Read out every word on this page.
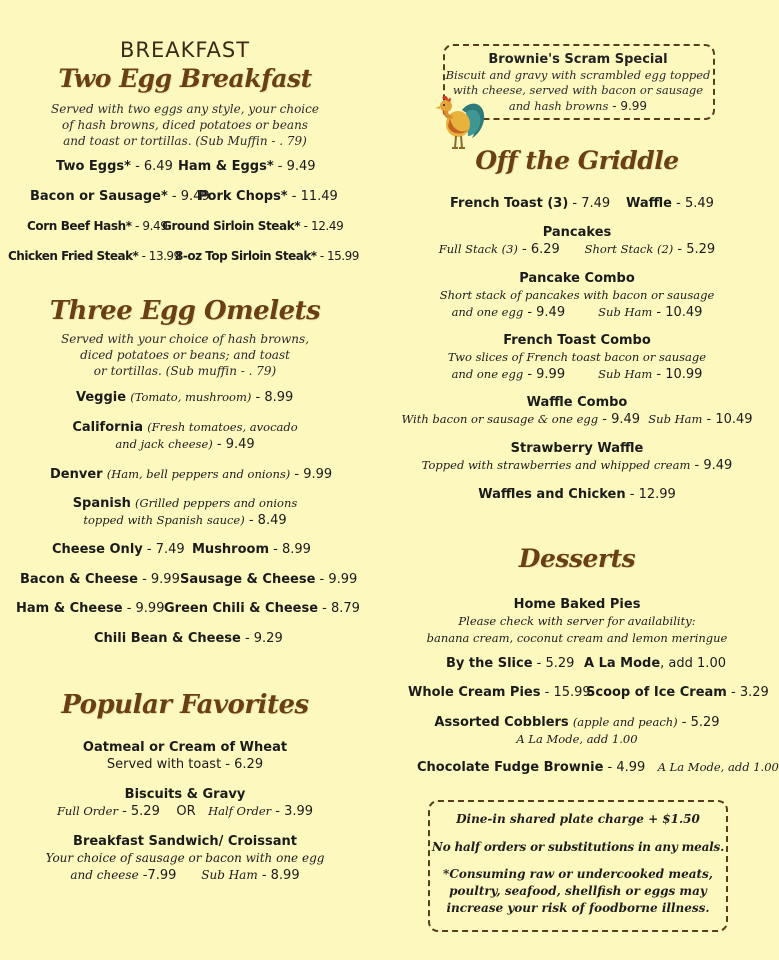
BREAKFAST
Two Egg Breakfast
Served with two eggs any style, your choice
of hash browns, diced potatoes or beans
and toast or tortillas. (Sub Muffin - . 79)
Two Eggs* - 6.49 Ham & Eggs* - 9.49
Bacon or Sausage* - 9.49
Pork Chops* - 11.49
Corn Beef Hash* - 9.49
Ground Sirloin Steak* - 12.49
Chicken Fried Steak* - 13.99
8-oz Top Sirloin Steak* - 15.99
Three Egg Omelets
Served with your choice of hash browns,
diced potatoes or beans; and toast
or tortillas. (Sub muffin - . 79)
Veggie (Tomato, mushroom) - 8.99
California (Fresh tomatoes, avocado
and jack cheese) - 9.49
Denver (Ham, bell peppers and onions) - 9.99
Spanish (Grilled peppers and onions
topped with Spanish sauce) - 8.49
Cheese Only - 7.49 Mushroom - 8.99
Bacon & Cheese - 9.99 Sausage & Cheese - 9.99
Ham & Cheese - 9.99 Green Chili & Cheese - 8.79
Chili Bean & Cheese - 9.29
Popular Favorites
Oatmeal or Cream of Wheat
Served with toast - 6.29
Biscuits & Gravy
Full Order - 5.29 OR Half Order - 3.99
Breakfast Sandwich/ Croissant
Your choice of sausage or bacon with one egg
and cheese -7.99 Sub Ham - 8.99
Brownie's Scram Special
Biscuit and gravy with scrambled egg topped
with cheese, served with bacon or sausage
and hash browns - 9.99
Off the Griddle
French Toast (3) - 7.49 Waffle - 5.49
Pancakes
Full Stack (3) - 6.29 Short Stack (2) - 5.29
Pancake Combo
Short stack of pancakes with bacon or sausage
and one egg - 9.49	Sub Ham - 10.49
French Toast Combo
Two slices of French toast bacon or sausage
and one egg - 9.99	Sub Ham - 10.99
Waffle Combo
With bacon or sausage & one egg - 9.49 Sub Ham - 10.49
Strawberry Waffle
Topped with strawberries and whipped cream - 9.49
Waffles and Chicken - 12.99
Desserts
Home Baked Pies
Please check with server for availability:
banana cream, coconut cream and lemon meringue
By the Slice - 5.29 A La Mode, add 1.00
Whole Cream Pies - 15.99
Scoop of Ice Cream - 3.29
Assorted Cobblers (apple and peach) - 5.29
A La Mode, add 1.00
Chocolate Fudge Brownie - 4.99 A La Mode, add 1.00
Dine-in shared plate charge + $1.50
No half orders or substitutions in any meals.
*Consuming raw or undercooked meats,
poultry, seafood, shellfish or eggs may
increase your risk of foodborne illness.
